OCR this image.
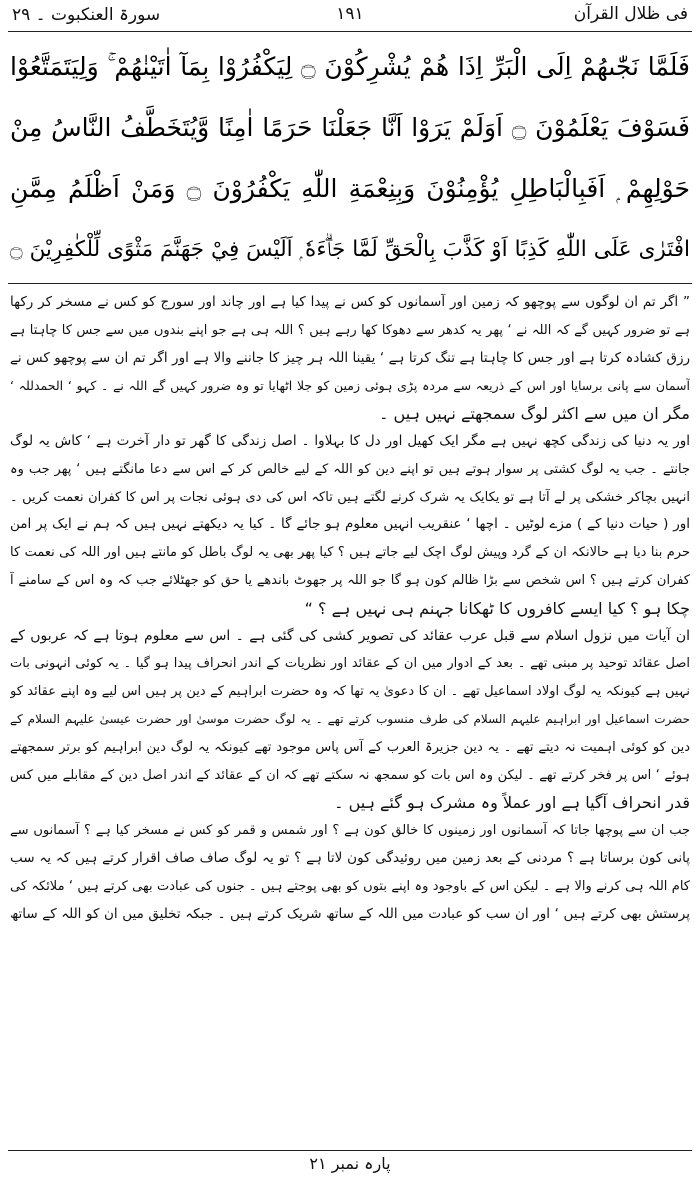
فی ظلال القرآن
۱۹۱
سورۃ العنکبوت ۔ ۲۹
فَلَمَّا نَجّٰىهُمْ اِلَى الْبَرِّ اِذَا هُمْ يُشْرِكُوْنَ ۝ لِيَكْفُرُوْا بِمَآ اٰتَيْنٰهُمْ ۚ وَلِيَتَمَتَّعُوْا
فَسَوْفَ يَعْلَمُوْنَ ۝ اَوَلَمْ يَرَوْا اَنَّا جَعَلْنَا حَرَمًا اٰمِنًا وَّيُتَخَطَّفُ النَّاسُ مِنْ
حَوْلِهِمْ ۭ اَفَبِالْبَاطِلِ يُؤْمِنُوْنَ وَبِنِعْمَةِ اللّٰهِ يَكْفُرُوْنَ ۝ وَمَنْ اَظْلَمُ مِمَّنِ
افْتَرٰى عَلَى اللّٰهِ كَذِبًا اَوْ كَذَّبَ بِالْحَقِّ لَمَّا جَاۗءَهٗ ۭ اَلَيْسَ فِيْ جَهَنَّمَ مَثْوًى لِّلْكٰفِرِيْنَ ۝
” اگر تم ان لوگوں سے پوچھو کہ زمین اور آسمانوں کو کس نے پیدا کیا ہے اور چاند اور سورج کو کس نے مسخر کر رکھا
ہے تو ضرور کہیں گے کہ اللہ نے ‘ پھر یہ کدھر سے دھوکا کھا رہے ہیں ؟ اللہ ہی ہے جو اپنے بندوں میں سے جس کا چاہتا ہے
رزق کشادہ کرتا ہے اور جس کا چاہتا ہے تنگ کرتا ہے ‘ یقینا اللہ ہر چیز کا جاننے والا ہے اور اگر تم ان سے پوچھو کس نے
آسمان سے پانی برسایا اور اس کے ذریعہ سے مردہ پڑی ہوئی زمین کو جلا اٹھایا تو وہ ضرور کہیں گے اللہ نے ۔ کہو ‘ الحمدللہ ‘
مگر ان میں سے اکثر لوگ سمجھتے نہیں ہیں ۔
اور یہ دنیا کی زندگی کچھ نہیں ہے مگر ایک کھیل اور دل کا بہلاوا ۔ اصل زندگی کا گھر تو دار آخرت ہے ‘ کاش یہ لوگ
جانتے ۔ جب یہ لوگ کشتی پر سوار ہوتے ہیں تو اپنے دین کو اللہ کے لیے خالص کر کے اس سے دعا مانگتے ہیں ‘ پھر جب وہ
انہیں بچاکر خشکی پر لے آتا ہے تو یکایک یہ شرک کرنے لگتے ہیں تاکہ اس کی دی ہوئی نجات پر اس کا کفران نعمت کریں ۔
اور ( حیات دنیا کے ) مزے لوٹیں ۔ اچھا ‘ عنقریب انہیں معلوم ہو جائے گا ۔ کیا یہ دیکھتے نہیں ہیں کہ ہم نے ایک پر امن
حرم بنا دیا ہے حالانکہ ان کے گرد وپیش لوگ اچک لیے جاتے ہیں ؟ کیا پھر بھی یہ لوگ باطل کو مانتے ہیں اور اللہ کی نعمت کا
کفران کرتے ہیں ؟ اس شخص سے بڑا ظالم کون ہو گا جو اللہ پر جھوٹ باندھے یا حق کو جھٹلائے جب کہ وہ اس کے سامنے آ
چکا ہو ؟ کیا ایسے کافروں کا ٹھکانا جہنم ہی نہیں ہے ؟ “
ان آیات میں نزول اسلام سے قبل عرب عقائد کی تصویر کشی کی گئی ہے ۔ اس سے معلوم ہوتا ہے کہ عربوں کے
اصل عقائد توحید پر مبنی تھے ۔ بعد کے ادوار میں ان کے عقائد اور نظریات کے اندر انحراف پیدا ہو گیا ۔ یہ کوئی انہونی بات
نہیں ہے کیونکہ یہ لوگ اولاد اسماعیل تھے ۔ ان کا دعویٰ یہ تھا کہ وہ حضرت ابراہیم کے دین پر ہیں اس لیے وہ اپنے عقائد کو
حضرت اسماعیل اور ابراہیم علیہم السلام کی طرف منسوب کرتے تھے ۔ یہ لوگ حضرت موسیٰ اور حضرت عیسیٰ علیہم السلام کے
دین کو کوئی اہمیت نہ دیتے تھے ۔ یہ دین جزیرۃ العرب کے آس پاس موجود تھے کیونکہ یہ لوگ دین ابراہیم کو برتر سمجھتے
ہوئے ‘ اس پر فخر کرتے تھے ۔ لیکن وہ اس بات کو سمجھ نہ سکتے تھے کہ ان کے عقائد کے اندر اصل دین کے مقابلے میں کس
قدر انحراف آگیا ہے اور عملاً وہ مشرک ہو گئے ہیں ۔
جب ان سے پوچھا جاتا کہ آسمانوں اور زمینوں کا خالق کون ہے ؟ اور شمس و قمر کو کس نے مسخر کیا ہے ؟ آسمانوں سے
پانی کون برساتا ہے ؟ مردنی کے بعد زمین میں روئیدگی کون لاتا ہے ؟ تو یہ لوگ صاف صاف اقرار کرتے ہیں کہ یہ سب
کام اللہ ہی کرنے والا ہے ۔ لیکن اس کے باوجود وہ اپنے بتوں کو بھی پوجتے ہیں ۔ جنوں کی عبادت بھی کرتے ہیں ‘ ملائکہ کی
پرستش بھی کرتے ہیں ‘ اور ان سب کو عبادت میں اللہ کے ساتھ شریک کرتے ہیں ۔ جبکہ تخلیق میں ان کو اللہ کے ساتھ
پارہ نمبر ۲۱
